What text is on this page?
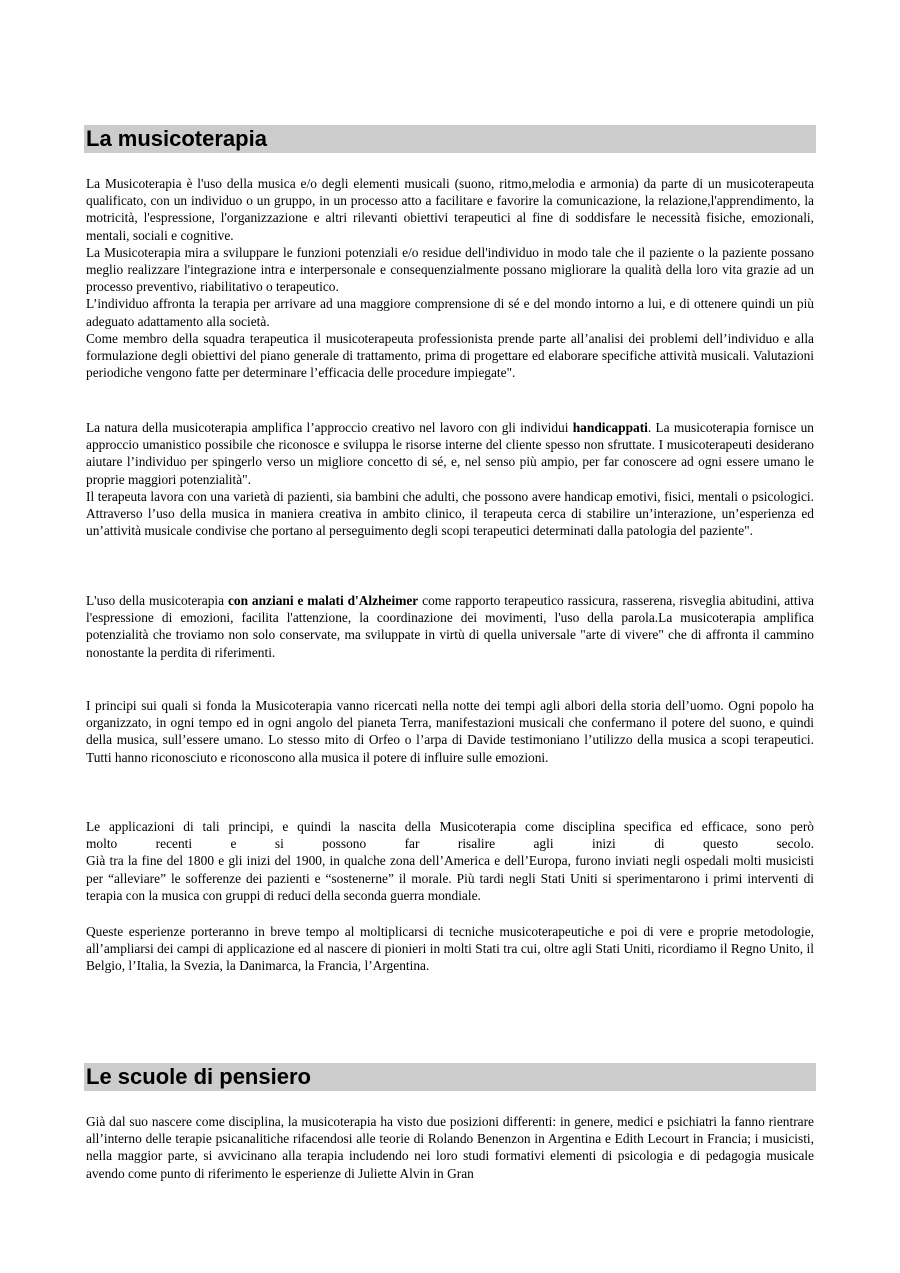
La musicoterapia

La Musicoterapia è l'uso della musica e/o degli elementi musicali (suono, ritmo,melodia e armonia) da parte di un musicoterapeuta qualificato, con un individuo o un gruppo, in un processo atto a facilitare e favorire la comunicazione, la relazione,l'apprendimento, la motricità, l'espressione, l'organizzazione e altri rilevanti obiettivi terapeutici al fine di soddisfare le necessità fisiche, emozionali, mentali, sociali e cognitive.
La Musicoterapia mira a sviluppare le funzioni potenziali e/o residue dell'individuo in modo tale che il paziente o la paziente possano meglio realizzare l'integrazione intra e interpersonale e consequenzialmente possano migliorare la qualità della loro vita grazie ad un processo preventivo, riabilitativo o terapeutico.
L’individuo affronta la terapia per arrivare ad una maggiore comprensione di sé e del mondo intorno a lui, e di ottenere quindi un più adeguato adattamento alla società.
Come membro della squadra terapeutica il musicoterapeuta professionista prende parte all’analisi dei problemi dell’individuo e alla formulazione degli obiettivi del piano generale di trattamento, prima di progettare ed elaborare specifiche attività musicali. Valutazioni periodiche vengono fatte per determinare l’efficacia delle procedure impiegate".

La natura della musicoterapia amplifica l’approccio creativo nel lavoro con gli individui handicappati. La musicoterapia fornisce un approccio umanistico possibile che riconosce e sviluppa le risorse interne del cliente spesso non sfruttate. I musicoterapeuti desiderano aiutare l’individuo per spingerlo verso un migliore concetto di sé, e, nel senso più ampio, per far conoscere ad ogni essere umano le proprie maggiori potenzialità".
Il terapeuta lavora con una varietà di pazienti, sia bambini che adulti, che possono avere handicap emotivi, fisici, mentali o psicologici. Attraverso l’uso della musica in maniera creativa in ambito clinico, il terapeuta cerca di stabilire un’interazione, un’esperienza ed un’attività musicale condivise che portano al perseguimento degli scopi terapeutici determinati dalla patologia del paziente".

L'uso della musicoterapia con anziani e malati d'Alzheimer come rapporto terapeutico rassicura, rasserena, risveglia abitudini, attiva l'espressione di emozioni, facilita l'attenzione, la coordinazione dei movimenti, l'uso della parola.La musicoterapia amplifica potenzialità che troviamo non solo conservate, ma sviluppate in virtù di quella universale "arte di vivere" che di affronta il cammino nonostante la perdita di riferimenti.

I principi sui quali si fonda la Musicoterapia vanno ricercati nella notte dei tempi agli albori della storia dell’uomo. Ogni popolo ha organizzato, in ogni tempo ed in ogni angolo del pianeta Terra, manifestazioni musicali che confermano il potere del suono, e quindi della musica, sull’essere umano. Lo stesso mito di Orfeo o l’arpa di Davide testimoniano l’utilizzo della musica a scopi terapeutici. Tutti hanno riconosciuto e riconoscono alla musica il potere di influire sulle emozioni.

Le applicazioni di tali principi, e quindi la nascita della Musicoterapia come disciplina specifica ed efficace, sono però
molto recenti e si possono far risalire agli inizi di questo secolo.
Già tra la fine del 1800 e gli inizi del 1900, in qualche zona dell’America e dell’Europa, furono inviati negli ospedali molti musicisti per “alleviare” le sofferenze dei pazienti e “sostenerne” il morale. Più tardi negli Stati Uniti si sperimentarono i primi interventi di terapia con la musica con gruppi di reduci della seconda guerra mondiale.

Queste esperienze porteranno in breve tempo al moltiplicarsi di tecniche musicoterapeutiche e poi di vere e proprie metodologie, all’ampliarsi dei campi di applicazione ed al nascere di pionieri in molti Stati tra cui, oltre agli Stati Uniti, ricordiamo il Regno Unito, il Belgio, l’Italia, la Svezia, la Danimarca, la Francia, l’Argentina.

Le scuole di pensiero

Già dal suo nascere come disciplina, la musicoterapia ha visto due posizioni differenti: in genere, medici e psichiatri la fanno rientrare all’interno delle terapie psicanalitiche rifacendosi alle teorie di Rolando Benenzon in Argentina e Edith Lecourt in Francia; i musicisti, nella maggior parte, si avvicinano alla terapia includendo nei loro studi formativi elementi di psicologia e di pedagogia musicale avendo come punto di riferimento le esperienze di Juliette Alvin in Gran
